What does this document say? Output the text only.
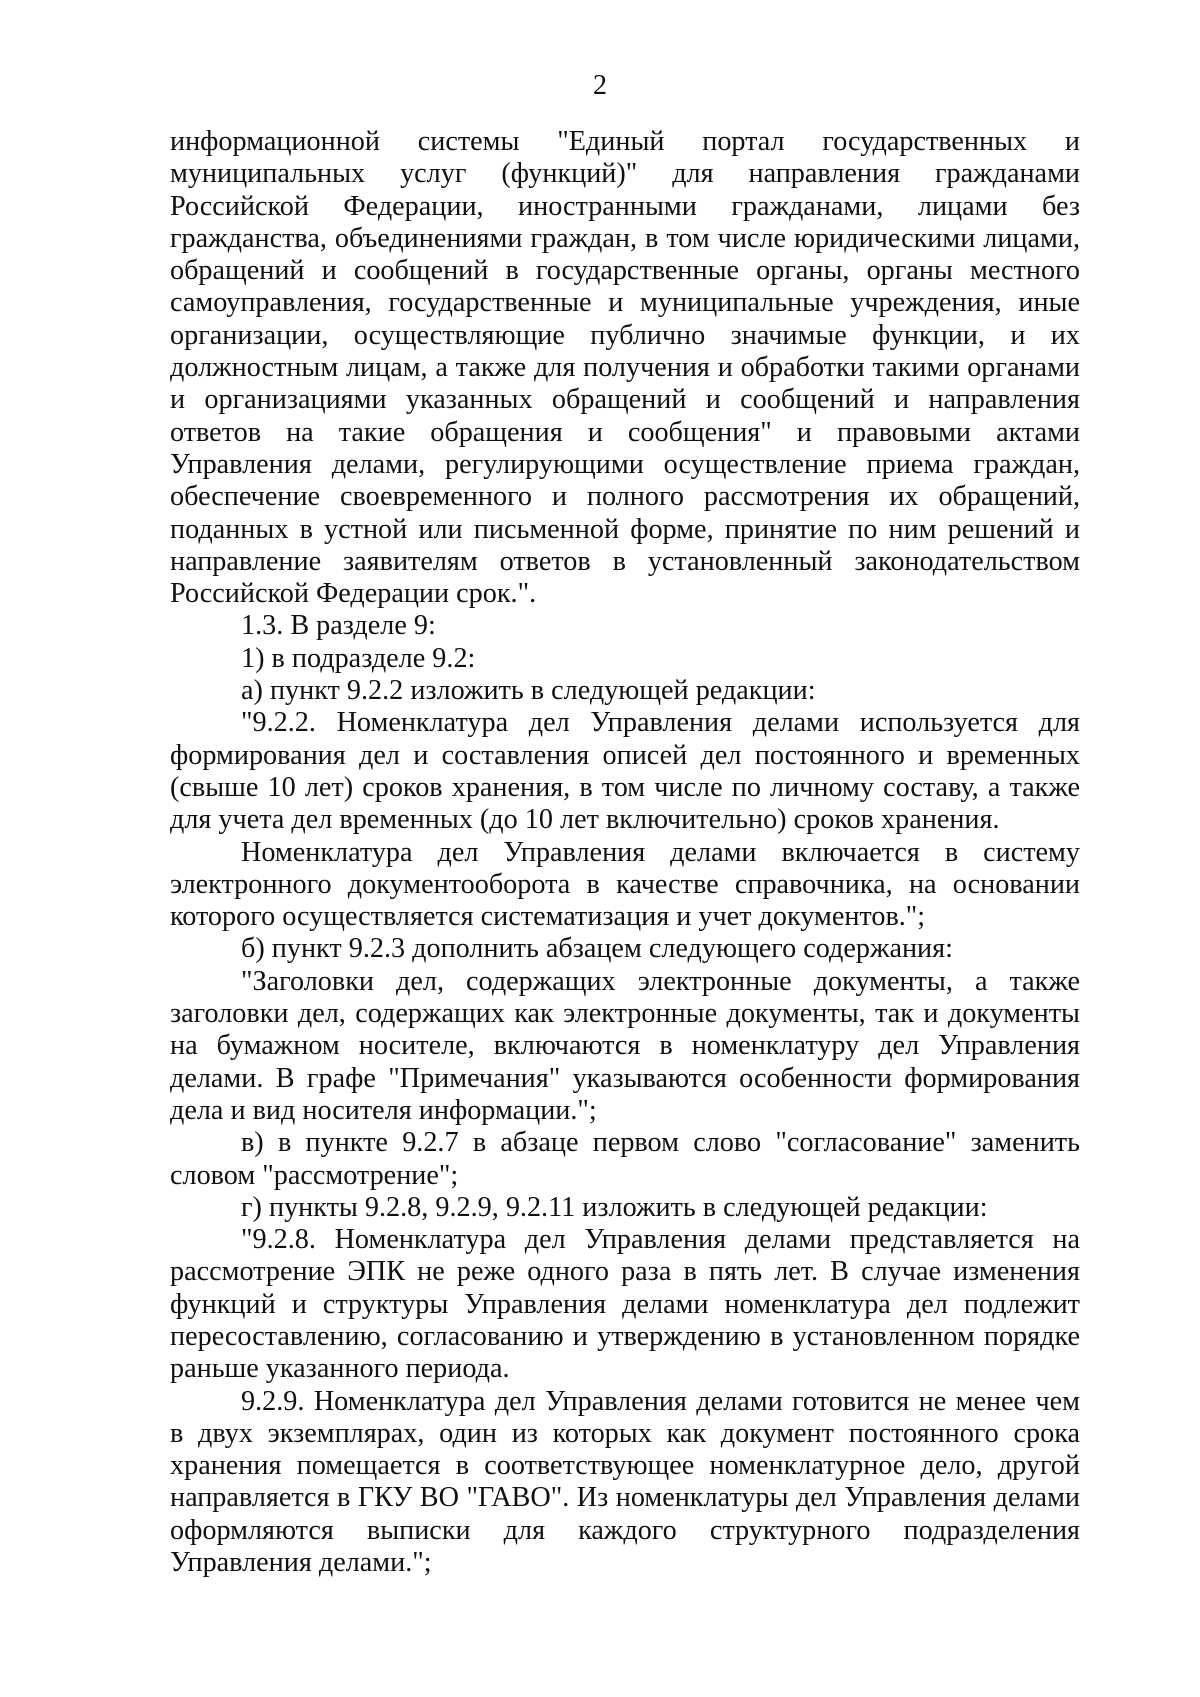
2

информационной системы "Единый портал государственных и муниципальных услуг (функций)" для направления гражданами Российской Федерации, иностранными гражданами, лицами без гражданства, объединениями граждан, в том числе юридическими лицами, обращений и сообщений в государственные органы, органы местного самоуправления, государственные и муниципальные учреждения, иные организации, осуществляющие публично значимые функции, и их должностным лицам, а также для получения и обработки такими органами и организациями указанных обращений и сообщений и направления ответов на такие обращения и сообщения" и правовыми актами Управления делами, регулирующими осуществление приема граждан, обеспечение своевременного и полного рассмотрения их обращений, поданных в устной или письменной форме, принятие по ним решений и направление заявителям ответов в установленный законодательством Российской Федерации срок.".

1.3. В разделе 9:

1) в подразделе 9.2:

а) пункт 9.2.2 изложить в следующей редакции:

"9.2.2. Номенклатура дел Управления делами используется для формирования дел и составления описей дел постоянного и временных (свыше 10 лет) сроков хранения, в том числе по личному составу, а также для учета дел временных (до 10 лет включительно) сроков хранения.

Номенклатура дел Управления делами включается в систему электронного документооборота в качестве справочника, на основании которого осуществляется систематизация и учет документов.";

б) пункт 9.2.3 дополнить абзацем следующего содержания:

"Заголовки дел, содержащих электронные документы, а также заголовки дел, содержащих как электронные документы, так и документы на бумажном носителе, включаются в номенклатуру дел Управления делами. В графе "Примечания" указываются особенности формирования дела и вид носителя информации.";

в) в пункте 9.2.7 в абзаце первом слово "согласование" заменить словом "рассмотрение";

г) пункты 9.2.8, 9.2.9, 9.2.11 изложить в следующей редакции:

"9.2.8. Номенклатура дел Управления делами представляется на рассмотрение ЭПК не реже одного раза в пять лет. В случае изменения функций и структуры Управления делами номенклатура дел подлежит пересоставлению, согласованию и утверждению в установленном порядке раньше указанного периода.

9.2.9. Номенклатура дел Управления делами готовится не менее чем в двух экземплярах, один из которых как документ постоянного срока хранения помещается в соответствующее номенклатурное дело, другой направляется в ГКУ ВО "ГАВО". Из номенклатуры дел Управления делами оформляются выписки для каждого структурного подразделения Управления делами.";
